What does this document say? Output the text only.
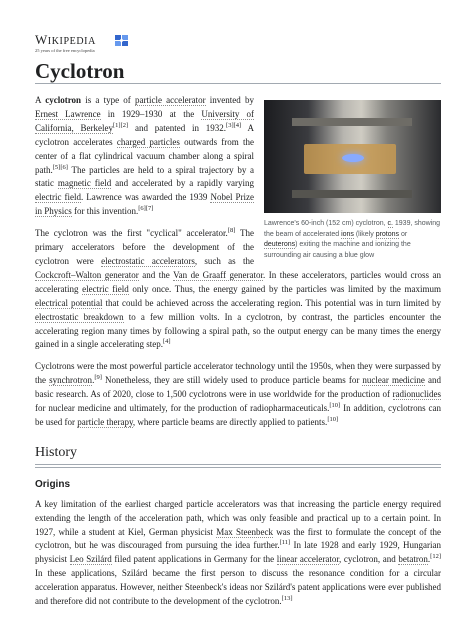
WIKIPEDIA
25 years of the free encyclopedia
Cyclotron
Lawrence's 60-inch (152 cm) cyclotron, c. 1939, showing the beam of accelerated ions (likely protons or deuterons) exiting the machine and ionizing the surrounding air causing a blue glow

A cyclotron is a type of particle accelerator invented by Ernest Lawrence in 1929–1930 at the University of California, Berkeley[1][2] and patented in 1932.[3][4] A cyclotron accelerates charged particles outwards from the center of a flat cylindrical vacuum chamber along a spiral path.[5][6] The particles are held to a spiral trajectory by a static magnetic field and accelerated by a rapidly varying electric field. Lawrence was awarded the 1939 Nobel Prize in Physics for this invention.[6][7]

The cyclotron was the first "cyclical" accelerator.[8] The primary accelerators before the development of the cyclotron were electrostatic accelerators, such as the Cockcroft–Walton generator and the Van de Graaff generator. In these accelerators, particles would cross an accelerating electric field only once. Thus, the energy gained by the particles was limited by the maximum electrical potential that could be achieved across the accelerating region. This potential was in turn limited by electrostatic breakdown to a few million volts. In a cyclotron, by contrast, the particles encounter the accelerating region many times by following a spiral path, so the output energy can be many times the energy gained in a single accelerating step.[4]

Cyclotrons were the most powerful particle accelerator technology until the 1950s, when they were surpassed by the synchrotron.[9] Nonetheless, they are still widely used to produce particle beams for nuclear medicine and basic research. As of 2020, close to 1,500 cyclotrons were in use worldwide for the production of radionuclides for nuclear medicine and ultimately, for the production of radiopharmaceuticals.[10] In addition, cyclotrons can be used for particle therapy, where particle beams are directly applied to patients.[10]

History
Origins

A key limitation of the earliest charged particle accelerators was that increasing the particle energy required extending the length of the acceleration path, which was only feasible and practical up to a certain point. In 1927, while a student at Kiel, German physicist Max Steenbeck was the first to formulate the concept of the cyclotron, but he was discouraged from pursuing the idea further.[11] In late 1928 and early 1929, Hungarian physicist Leo Szilárd filed patent applications in Germany for the linear accelerator, cyclotron, and betatron.[12] In these applications, Szilárd became the first person to discuss the resonance condition for a circular acceleration apparatus. However, neither Steenbeck's ideas nor Szilárd's patent applications were ever published and therefore did not contribute to the development of the cyclotron.[13]
